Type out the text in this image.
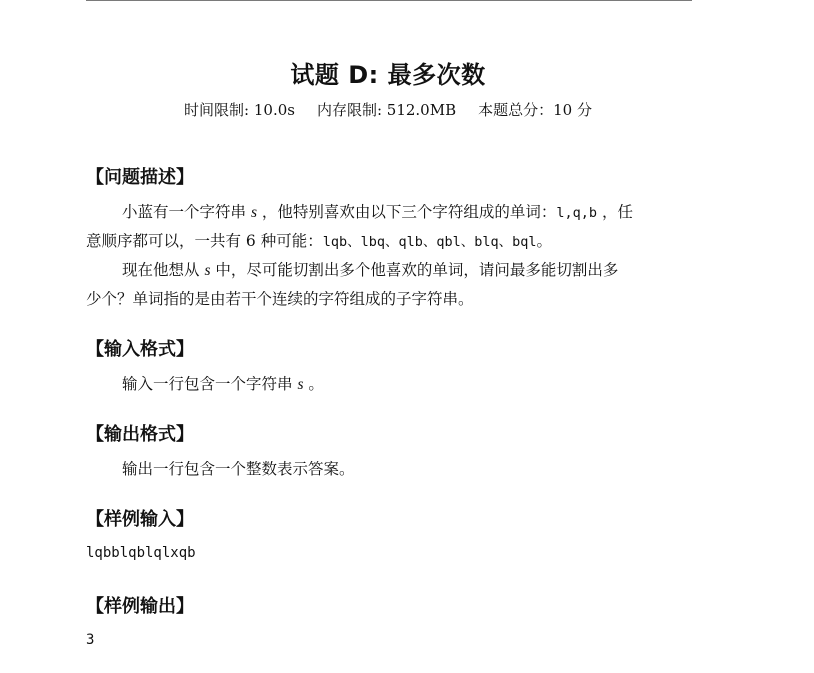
试题 D: 最多次数
时间限制: 10.0s 内存限制: 512.0MB 本题总分：10 分
【问题描述】
小蓝有一个字符串 s ，他特别喜欢由以下三个字符组成的单词：l,q,b ，任
意顺序都可以，一共有 6 种可能：lqb、lbq、qlb、qbl、blq、bql。
现在他想从 s 中，尽可能切割出多个他喜欢的单词，请问最多能切割出多
少个？单词指的是由若干个连续的字符组成的子字符串。
【输入格式】
输入一行包含一个字符串 s 。
【输出格式】
输出一行包含一个整数表示答案。
【样例输入】
lqbblqblqlxqb
【样例输出】
3
